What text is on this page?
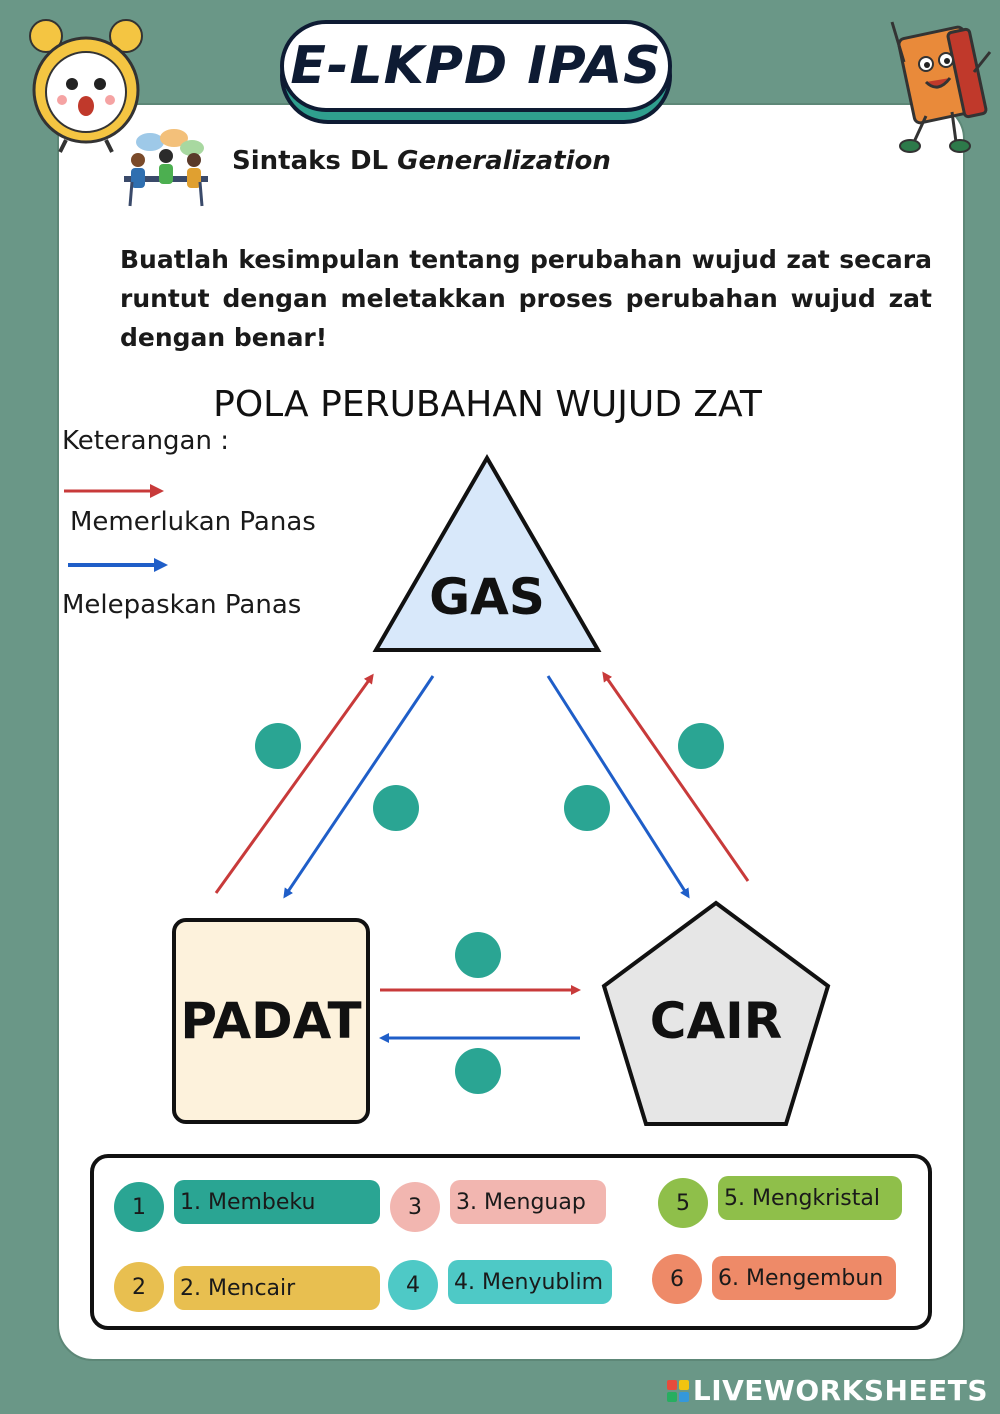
E-LKPD IPAS
Sintaks DL Generalization
Buatlah kesimpulan tentang perubahan wujud zat secara runtut dengan meletakkan proses perubahan wujud zat dengan benar!
POLA PERUBAHAN WUJUD ZAT
Keterangan :
Memerlukan Panas
Melepaskan Panas	GAS
CAIR
PADAT
1	1. Membeku
2	2. Mencair
3	3. Menguap
4	4. Menyublim
5	5. Mengkristal
6	6. Mengembun
LIVEWORKSHEETS
